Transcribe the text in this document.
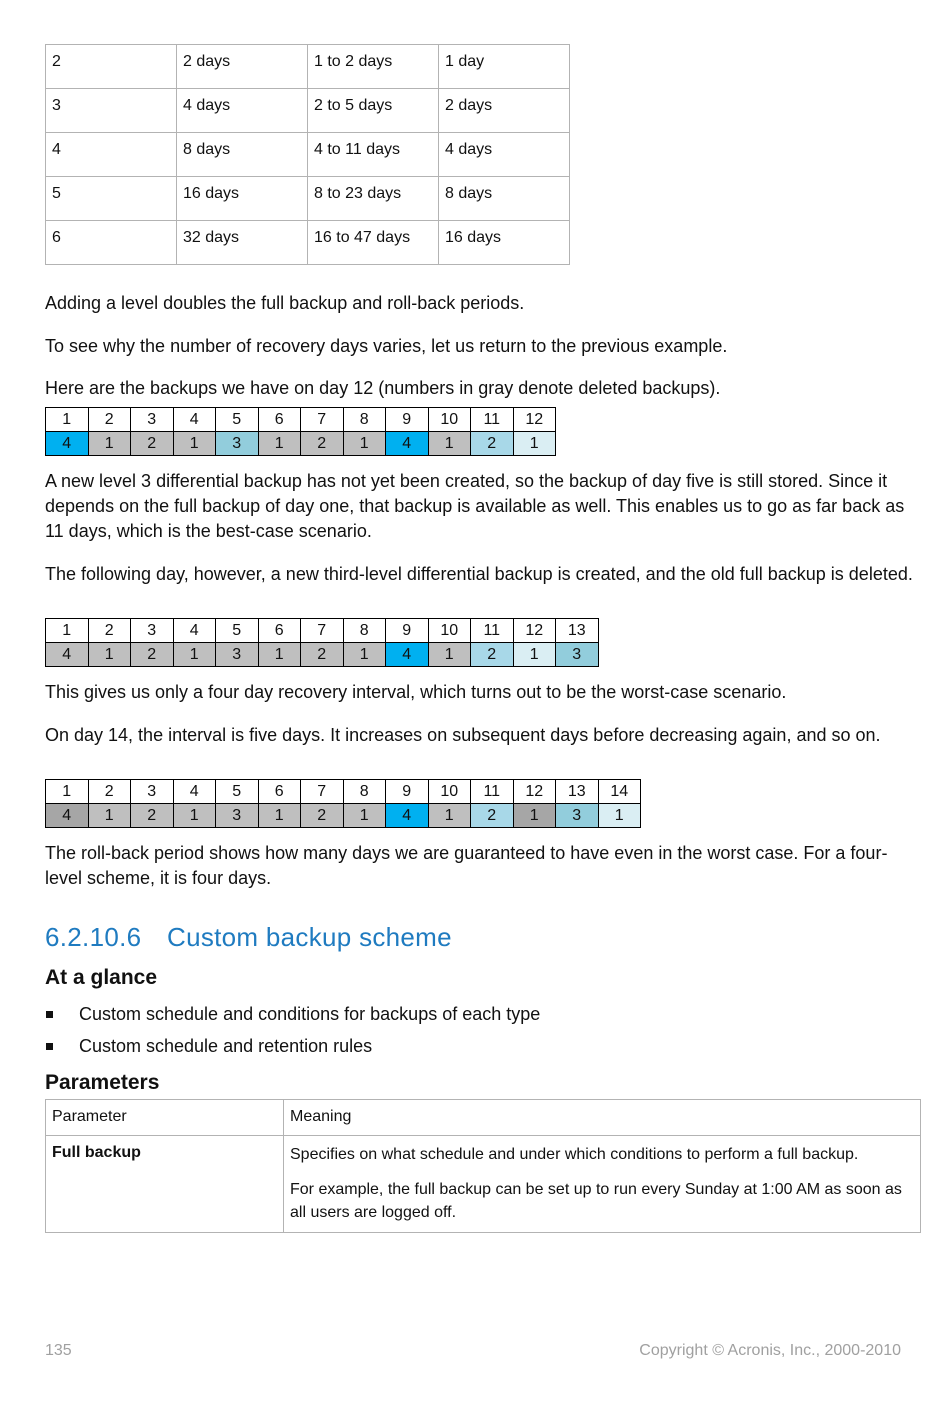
2	2 days	1 to 2 days	1 day
3	4 days	2 to 5 days	2 days
4	8 days	4 to 11 days	4 days
5	16 days	8 to 23 days	8 days
6	32 days	16 to 47 days	16 days

Adding a level doubles the full backup and roll-back periods.

To see why the number of recovery days varies, let us return to the previous example.

Here are the backups we have on day 12 (numbers in gray denote deleted backups).

1	2	3	4	5	6	7	8	9	10	11	12
4	1	2	1	3	1	2	1	4	1	2	1

A new level 3 differential backup has not yet been created, so the backup of day five is still stored. Since it depends on the full backup of day one, that backup is available as well. This enables us to go as far back as 11 days, which is the best-case scenario.

The following day, however, a new third-level differential backup is created, and the old full backup is deleted.

1	2	3	4	5	6	7	8	9	10	11	12	13
4	1	2	1	3	1	2	1	4	1	2	1	3

This gives us only a four day recovery interval, which turns out to be the worst-case scenario.

On day 14, the interval is five days. It increases on subsequent days before decreasing again, and so on.

1	2	3	4	5	6	7	8	9	10	11	12	13	14
4	1	2	1	3	1	2	1	4	1	2	1	3	1

The roll-back period shows how many days we are guaranteed to have even in the worst case. For a four-level scheme, it is four days.

6.2.10.6 Custom backup scheme
At a glance
Custom schedule and conditions for backups of each type
Custom schedule and retention rules
Parameters
Parameter	Meaning
Full backup	Specifies on what schedule and under which conditions to perform a full backup.
For example, the full backup can be set up to run every Sunday at 1:00 AM as soon as all users are logged off.
135	Copyright © Acronis, Inc., 2000-2010
